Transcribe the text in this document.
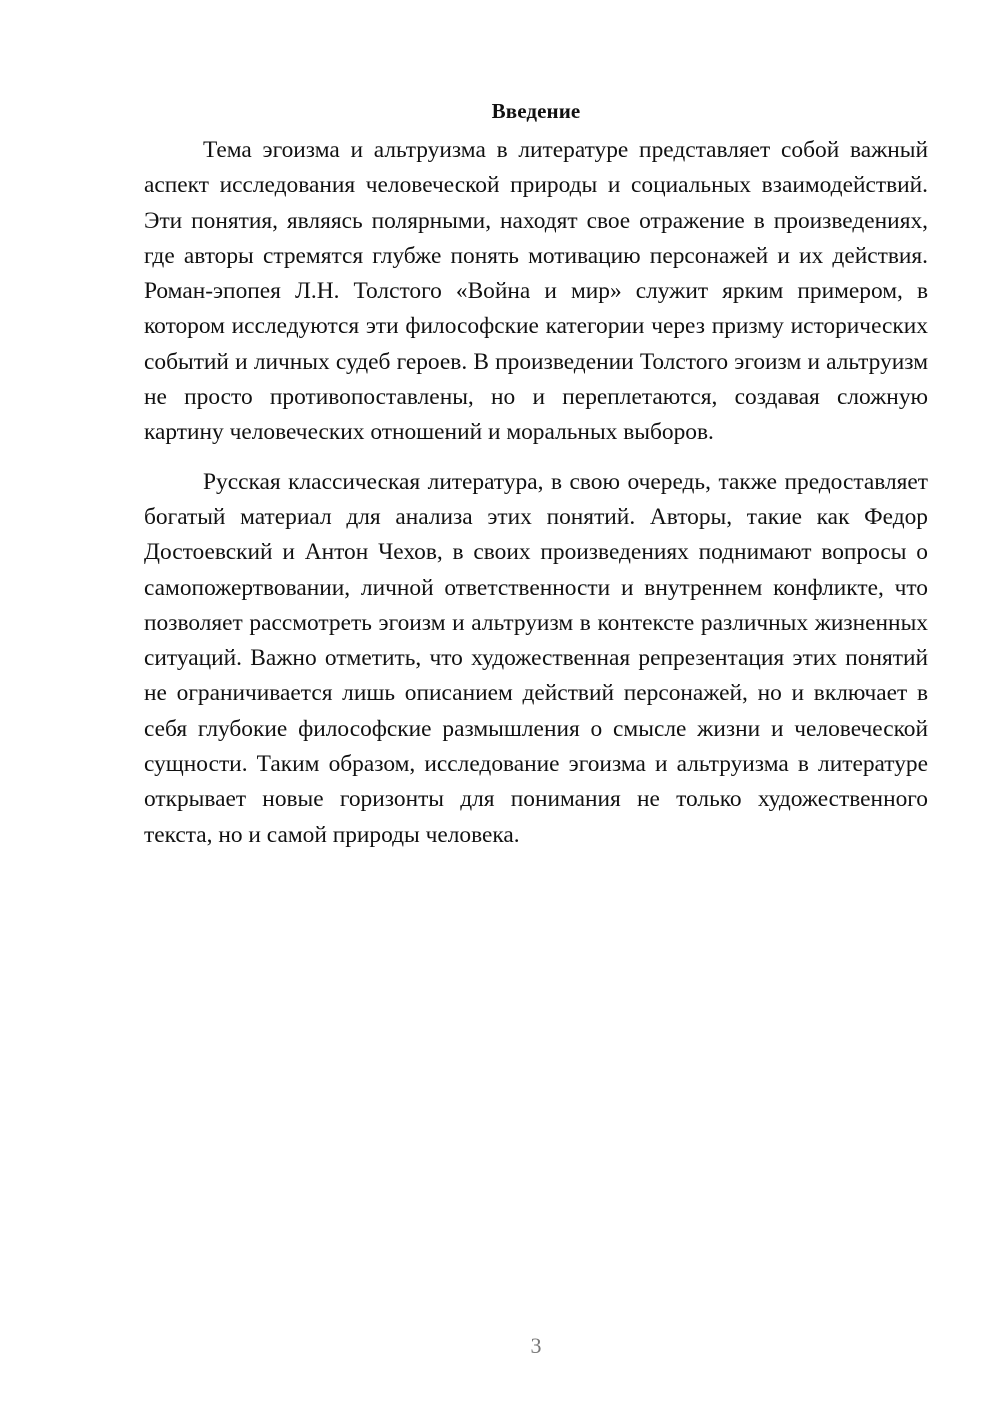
Введение

Тема эгоизма и альтруизма в литературе представляет собой важный аспект исследования человеческой природы и социальных взаимодействий. Эти понятия, являясь полярными, находят свое отражение в произведениях, где авторы стремятся глубже понять мотивацию персонажей и их действия. Роман-эпопея Л.Н. Толстого «Война и мир» служит ярким примером, в котором исследуются эти философские категории через призму исторических событий и личных судеб героев. В произведении Толстого эгоизм и альтруизм не просто противопоставлены, но и переплетаются, создавая сложную картину человеческих отношений и моральных выборов.

Русская классическая литература, в свою очередь, также предоставляет богатый материал для анализа этих понятий. Авторы, такие как Федор Достоевский и Антон Чехов, в своих произведениях поднимают вопросы о самопожертвовании, личной ответственности и внутреннем конфликте, что позволяет рассмотреть эгоизм и альтруизм в контексте различных жизненных ситуаций. Важно отметить, что художественная репрезентация этих понятий не ограничивается лишь описанием действий персонажей, но и включает в себя глубокие философские размышления о смысле жизни и человеческой сущности. Таким образом, исследование эгоизма и альтруизма в литературе открывает новые горизонты для понимания не только художественного текста, но и самой природы человека.

3
